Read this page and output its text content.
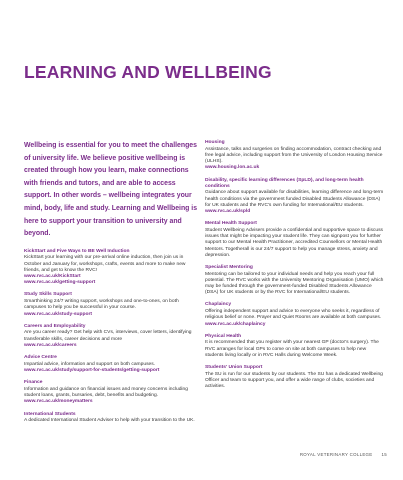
LEARNING AND WELLBEING

Wellbeing is essential for you to meet the challenges of university life. We believe positive wellbeing is created through how you learn, make connections with friends and tutors, and are able to access support. In other words – wellbeing integrates your mind, body, life and study. Learning and Wellbeing is here to support your transition to university and beyond.

KickStart and Five Ways to BE Well Induction
KickStart your learning with our pre-arrival online induction, then join us in October and January for, workshops, crafts, events and more to make new friends, and get to know the RVC!
www.rvc.ac.uk/KickStart
www.rvc.ac.uk/getting-support
Study Skills Support
Smarthinking 24/7 writing support, workshops and one-to-ones, on both campuses to help you be successful in your course.
www.rvc.ac.uk/study-support
Careers and Employability
Are you career ready? Get help with CVs, interviews, cover letters, identifying transferable skills, career decisions and more
www.rvc.ac.uk/careers
Advice Centre
Impartial advice, information and support on both campuses.
www.rvc.ac.uk/study/support-for-students/getting-support
Finance
Information and guidance on financial issues and money concerns including student loans, grants, bursaries, debt, benefits and budgeting.
www.rvc.ac.uk/moneymatters
International Students
A dedicated International Student Adviser to help with your transition to the UK.
Housing
Assistance, talks and surgeries on finding accommodation, contract checking and free legal advice, including support from the University of London Housing Service (ULHS).
www.housing.lon.ac.uk
Disability, specific learning differences (SpLD), and long-term health conditions
Guidance about support available for disabilities, learning difference and long-term health conditions via the government funded Disabled Students Allowance (DSA) for UK students and the RVC's own funding for International/EU students.
www.rvc.ac.uk/spld
Mental Health Support
Student Wellbeing Advisers provide a confidential and supportive space to discuss issues that might be impacting your student life. They can signpost you for further support to our Mental Health Practitioner, accredited Counsellors or Mental Health Mentors. Togetherall is our 24/7 support to help you manage stress, anxiety and depression.
Specialist Mentoring
Mentoring can be tailored to your individual needs and help you reach your full potential. The RVC works with the University Mentoring Organisation (UMO) which may be funded through the government-funded Disabled Students Allowance (DSA) for UK students or by the RVC for International/EU students.
Chaplaincy
Offering independent support and advice to everyone who seeks it, regardless of religious belief or none. Prayer and Quiet Rooms are available at both campuses.
www.rvc.ac.uk/chaplaincy
Physical Health
It is recommended that you register with your nearest GP (doctor's surgery). The RVC arranges for local GPs to come on site at both campuses to help new students living locally or in RVC Halls during Welcome Week.
Students' Union Support
The SU is run for our students by our students. The SU has a dedicated Wellbeing Officer and team to support you, and offer a wide range of clubs, societies and activities.
ROYAL VETERINARY COLLEGE 15
